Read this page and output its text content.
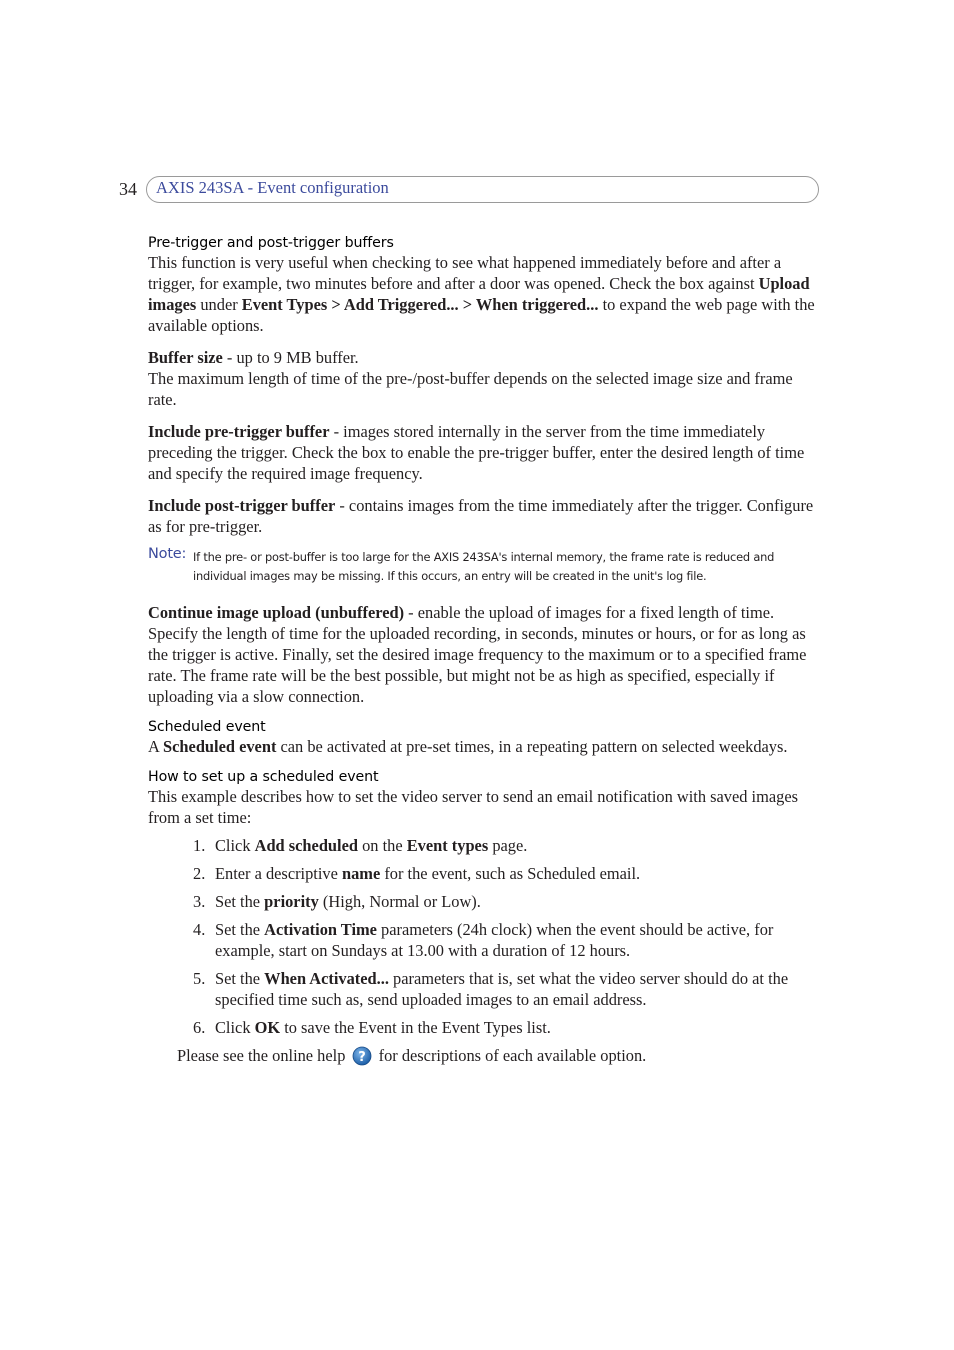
34 AXIS 243SA - Event configuration
Pre-trigger and post-trigger buffers

This function is very useful when checking to see what happened immediately before and after a trigger, for example, two minutes before and after a door was opened. Check the box against Upload images under Event Types > Add Triggered... > When triggered... to expand the web page with the available options.

Buffer size - up to 9 MB buffer.
The maximum length of time of the pre-/post-buffer depends on the selected image size and frame rate.

Include pre-trigger buffer - images stored internally in the server from the time immediately preceding the trigger. Check the box to enable the pre-trigger buffer, enter the desired length of time and specify the required image frequency.

Include post-trigger buffer - contains images from the time immediately after the trigger. Configure as for pre-trigger.

Note: If the pre- or post-buffer is too large for the AXIS 243SA's internal memory, the frame rate is reduced and individual images may be missing. If this occurs, an entry will be created in the unit's log file.

Continue image upload (unbuffered) - enable the upload of images for a fixed length of time. Specify the length of time for the uploaded recording, in seconds, minutes or hours, or for as long as the trigger is active. Finally, set the desired image frequency to the maximum or to a specified frame rate. The frame rate will be the best possible, but might not be as high as specified, especially if uploading via a slow connection.

Scheduled event

A Scheduled event can be activated at pre-set times, in a repeating pattern on selected weekdays.

How to set up a scheduled event

This example describes how to set the video server to send an email notification with saved images from a set time:

1. Click Add scheduled on the Event types page.
2. Enter a descriptive name for the event, such as Scheduled email.
3. Set the priority (High, Normal or Low).
4. Set the Activation Time parameters (24h clock) when the event should be active, for example, start on Sundays at 13.00 with a duration of 12 hours.
5. Set the When Activated... parameters that is, set what the video server should do at the specified time such as, send uploaded images to an email address.
6. Click OK to save the Event in the Event Types list.

Please see the online help ? for descriptions of each available option.
